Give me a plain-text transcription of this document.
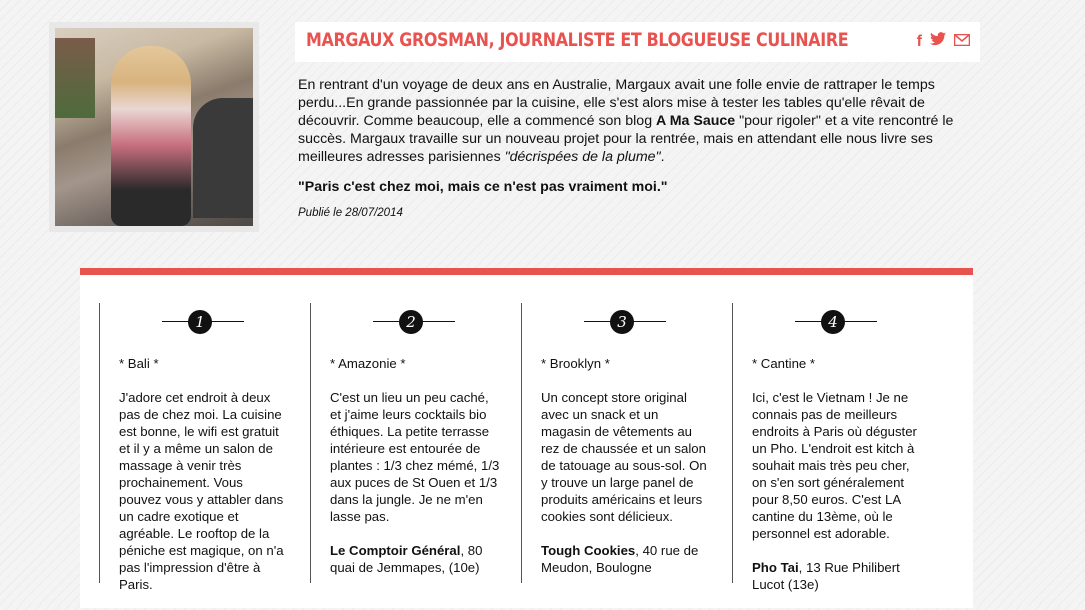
MARGAUX GROSMAN, JOURNALISTE ET BLOGUEUSE CULINAIRE	f

En rentrant d'un voyage de deux ans en Australie, Margaux avait une folle envie de rattraper le temps perdu...En grande passionnée par la cuisine, elle s'est alors mise à tester les tables qu'elle rêvait de découvrir. Comme beaucoup, elle a commencé son blog A Ma Sauce "pour rigoler" et a vite rencontré le succès. Margaux travaille sur un nouveau projet pour la rentrée, mais en attendant elle nous livre ses meilleures adresses parisiennes "décrispées de la plume".

"Paris c'est chez moi, mais ce n'est pas vraiment moi."

Publié le 28/07/2014

1

* Bali *

J'adore cet endroit à deux pas de chez moi. La cuisine est bonne, le wifi est gratuit et il y a même un salon de massage à venir très prochainement. Vous pouvez vous y attabler dans un cadre exotique et agréable. Le rooftop de la péniche est magique, on n'a pas l'impression d'être à Paris.

2

* Amazonie *

C'est un lieu un peu caché, et j'aime leurs cocktails bio éthiques. La petite terrasse intérieure est entourée de plantes : 1/3 chez mémé, 1/3 aux puces de St Ouen et 1/3 dans la jungle. Je ne m'en lasse pas.

Le Comptoir Général, 80 quai de Jemmapes, (10e)

3

* Brooklyn *

Un concept store original avec un snack et un magasin de vêtements au rez de chaussée et un salon de tatouage au sous-sol. On y trouve un large panel de produits américains et leurs cookies sont délicieux.

Tough Cookies, 40 rue de Meudon, Boulogne

4

* Cantine *

Ici, c'est le Vietnam ! Je ne connais pas de meilleurs endroits à Paris où déguster un Pho. L'endroit est kitch à souhait mais très peu cher, on s'en sort généralement pour 8,50 euros. C'est LA cantine du 13ème, où le personnel est adorable.

Pho Tai, 13 Rue Philibert Lucot (13e)
